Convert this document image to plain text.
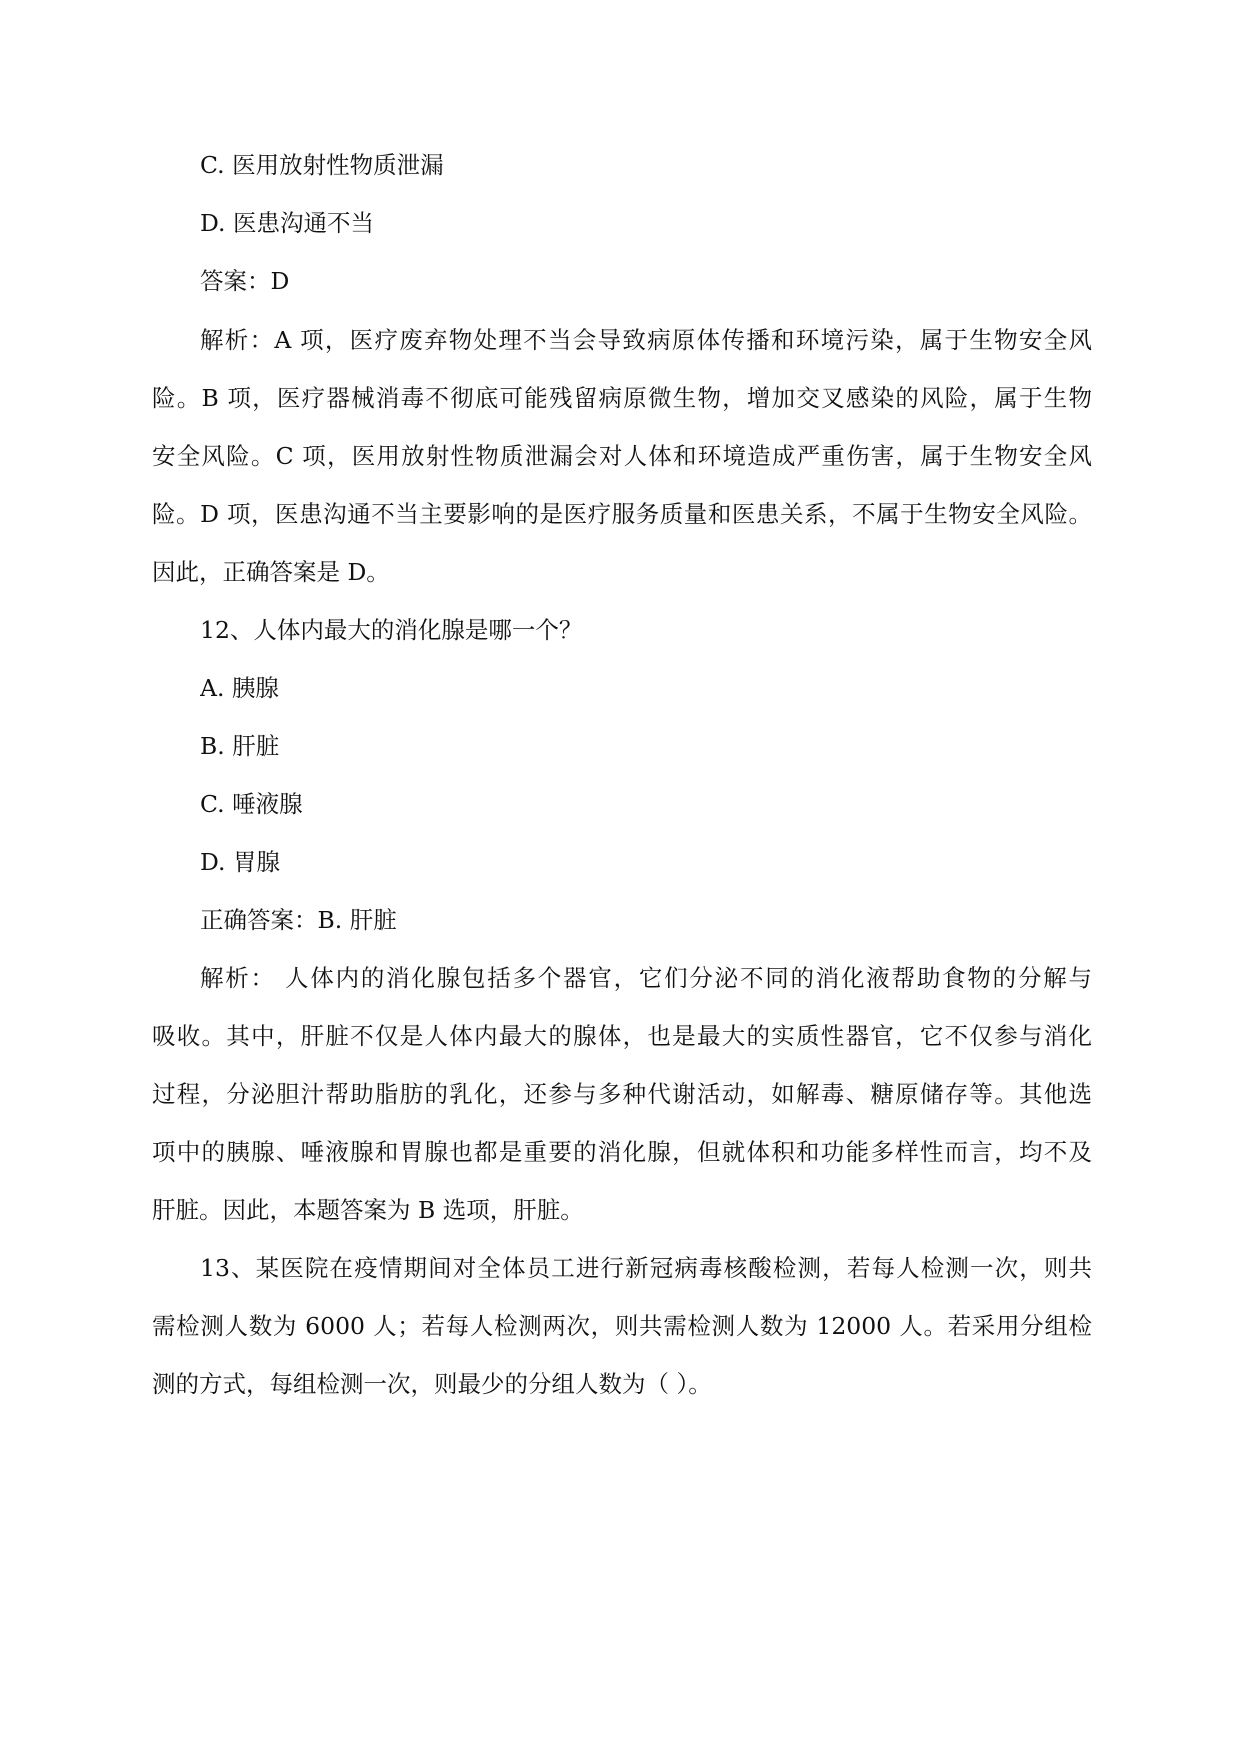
C. 医用放射性物质泄漏
D. 医患沟通不当
答案：D
解析：A 项，医疗废弃物处理不当会导致病原体传播和环境污染，属于生物安全风
险。B 项，医疗器械消毒不彻底可能残留病原微生物，增加交叉感染的风险，属于生物
安全风险。C 项，医用放射性物质泄漏会对人体和环境造成严重伤害，属于生物安全风
险。D 项，医患沟通不当主要影响的是医疗服务质量和医患关系，不属于生物安全风险。
因此，正确答案是 D。
12、人体内最大的消化腺是哪一个？
A. 胰腺
B. 肝脏
C. 唾液腺
D. 胃腺
正确答案：B. 肝脏
解析： 人体内的消化腺包括多个器官，它们分泌不同的消化液帮助食物的分解与
吸收。其中，肝脏不仅是人体内最大的腺体，也是最大的实质性器官，它不仅参与消化
过程，分泌胆汁帮助脂肪的乳化，还参与多种代谢活动，如解毒、糖原储存等。其他选
项中的胰腺、唾液腺和胃腺也都是重要的消化腺，但就体积和功能多样性而言，均不及
肝脏。因此，本题答案为 B 选项，肝脏。
13、某医院在疫情期间对全体员工进行新冠病毒核酸检测，若每人检测一次，则共
需检测人数为 6000 人；若每人检测两次，则共需检测人数为 12000 人。若采用分组检
测的方式，每组检测一次，则最少的分组人数为（ ）。
